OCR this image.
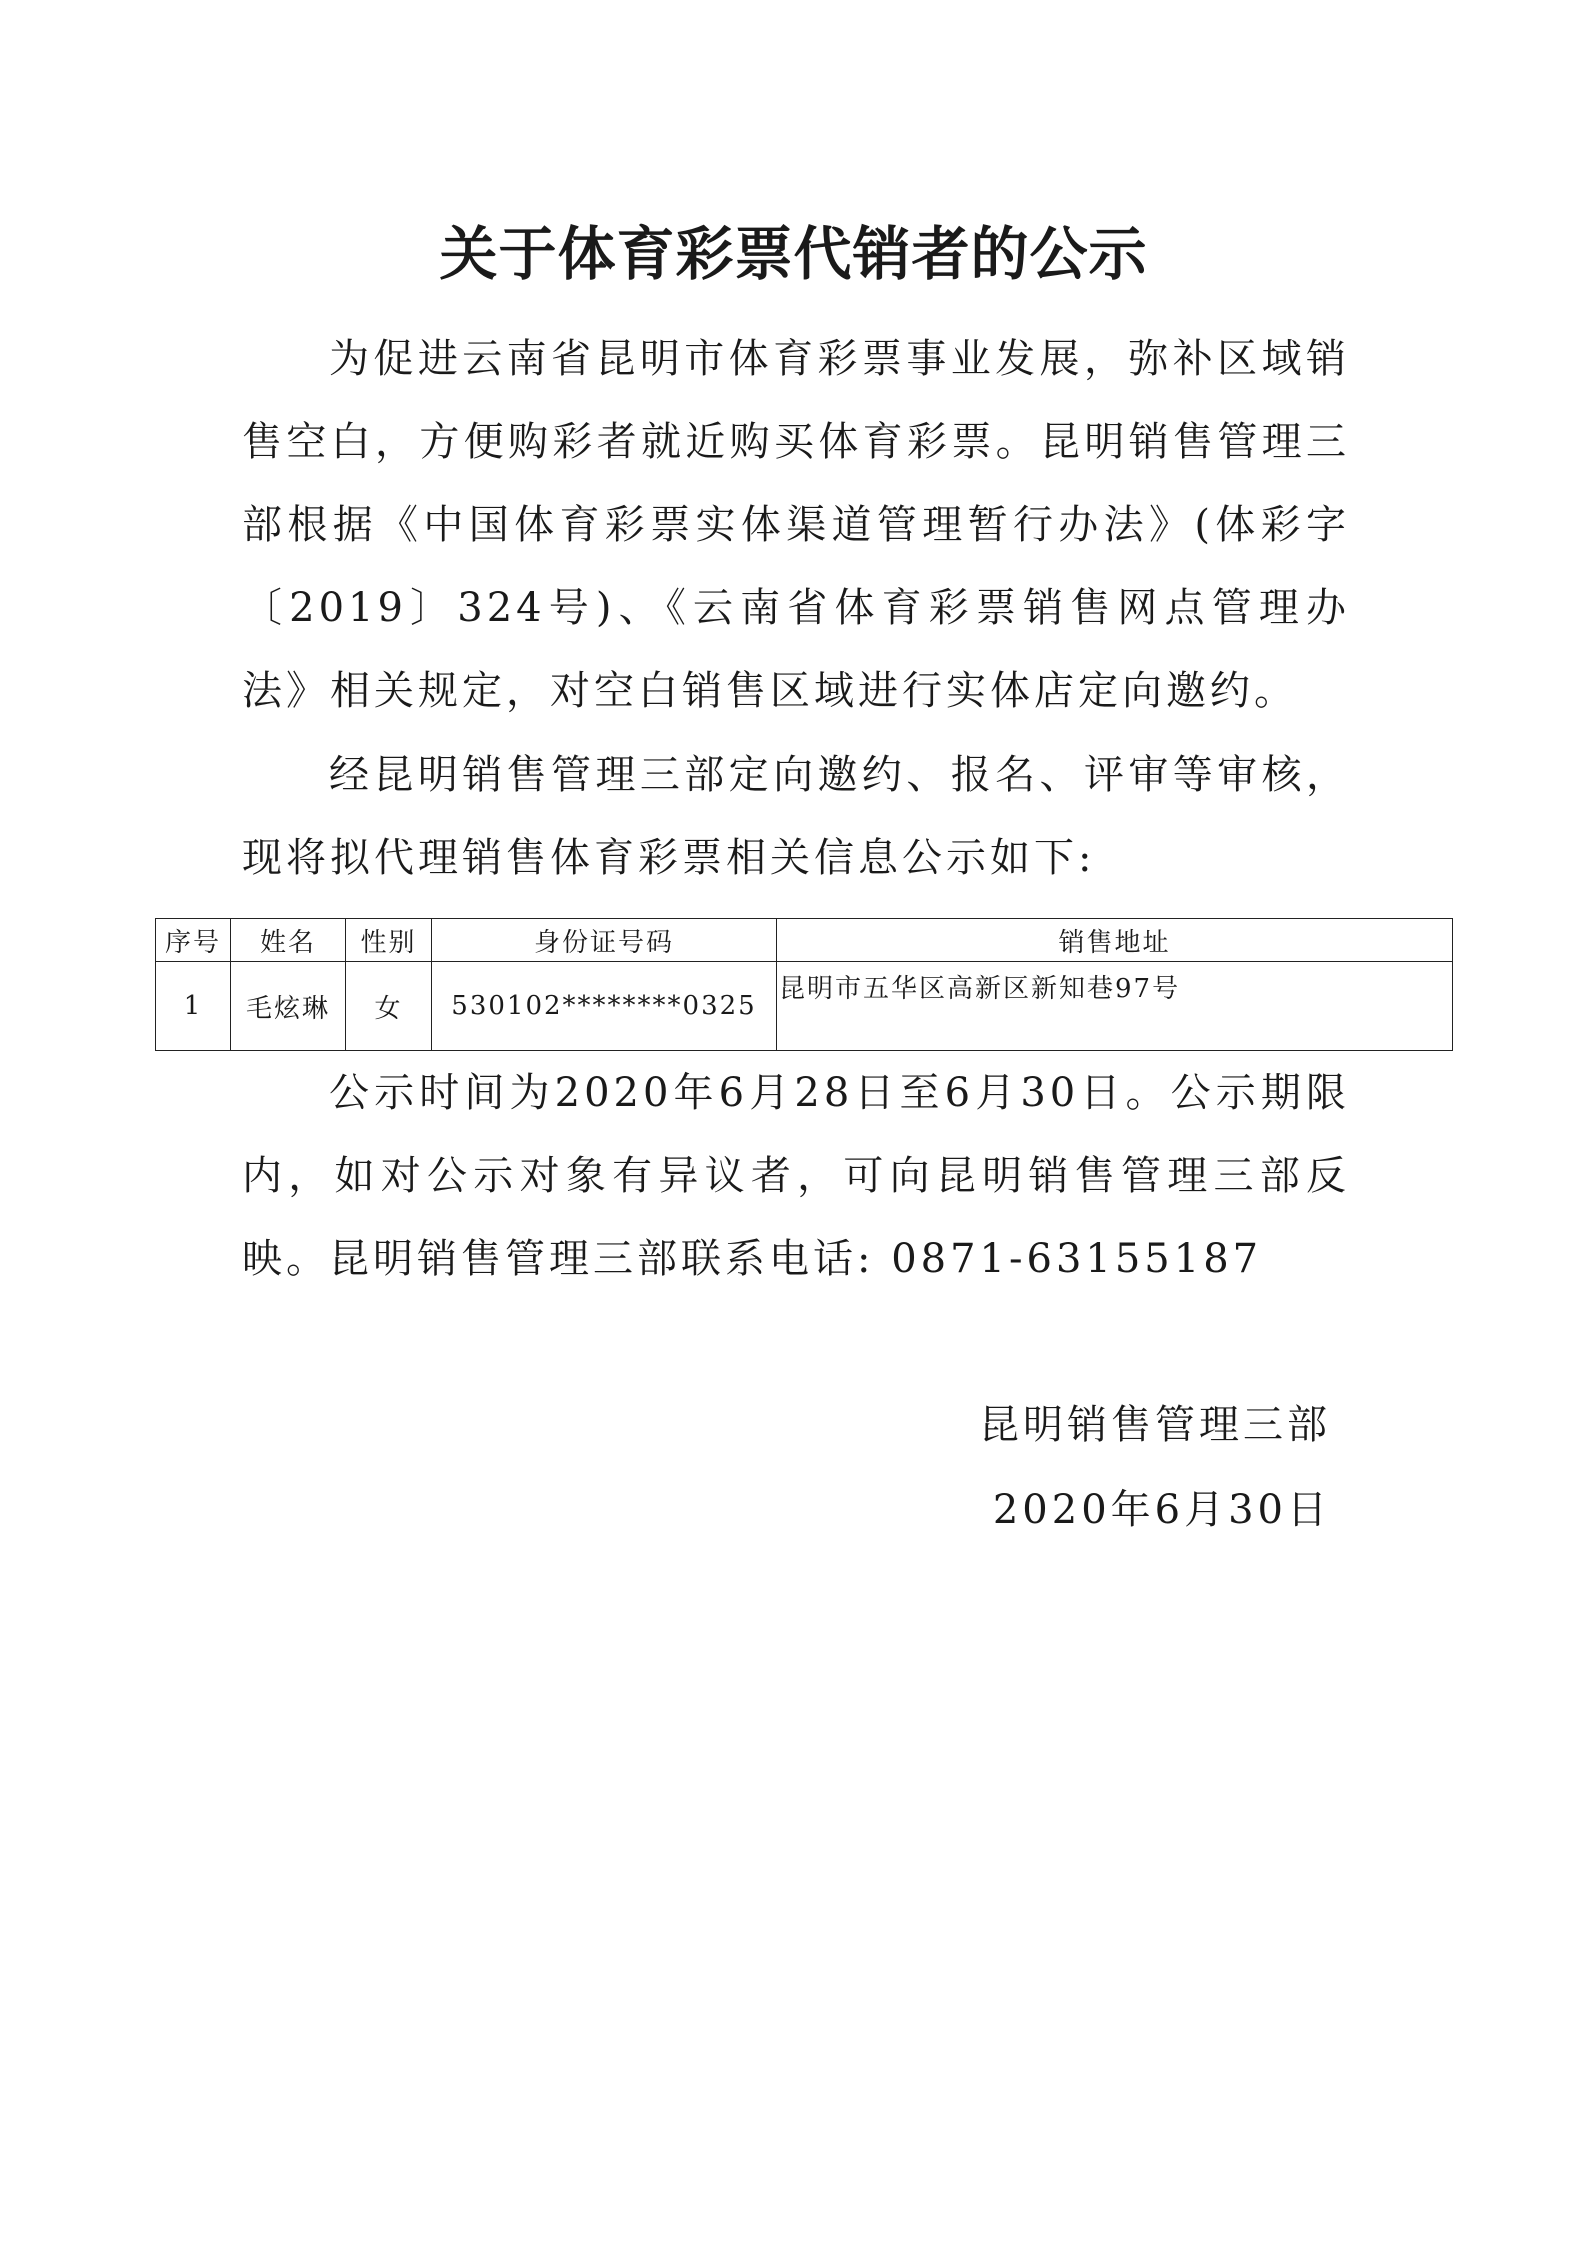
关于体育彩票代销者的公示

为促进云南省昆明市体育彩票事业发展，弥补区域销售空白，方便购彩者就近购买体育彩票。昆明销售管理三部根据《中国体育彩票实体渠道管理暂行办法》(体彩字〔2019〕324号)、《云南省体育彩票销售网点管理办法》相关规定，对空白销售区域进行实体店定向邀约。

经昆明销售管理三部定向邀约、报名、评审等审核，现将拟代理销售体育彩票相关信息公示如下:

序号	姓名	性别	身份证号码	销售地址
1	毛炫琳	女	530102********0325	昆明市五华区高新区新知巷97号

公示时间为2020年6月28日至6月30日。公示期限内，如对公示对象有异议者，可向昆明销售管理三部反映。 昆明销售管理三部联系电话: 0871-63155187

昆明销售管理三部

2020年6月30日
